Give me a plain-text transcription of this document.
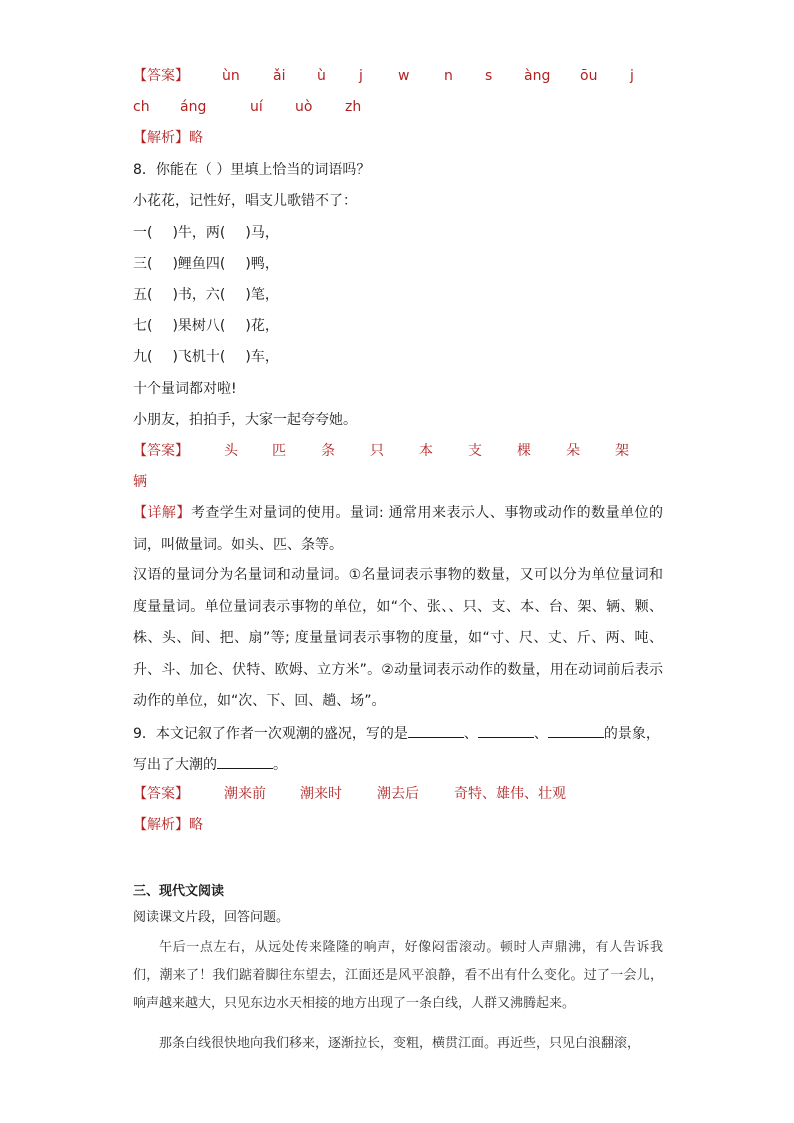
【答案】 ùn ǎi ù j	w n s àng ōu j
ch áng	uí uò zh
【解析】略
8．你能在（ ）里填上恰当的词语吗？
小花花，记性好，唱支儿歌错不了：
一( )牛，两( )马，
三( )鲤鱼四( )鸭，
五( )书，六( )笔，
七( )果树八( )花，
九( )飞机十( )车，
十个量词都对啦!
小朋友，拍拍手，大家一起夸夸她。
【答案】	头 匹	条	只	本	支	棵	朵	架
辆
【详解】考查学生对量词的使用。量词: 通常用来表示人、事物或动作的数量单位的词，叫做量词。如头、匹、条等。
汉语的量词分为名量词和动量词。①名量词表示事物的数量，又可以分为单位量词和度量量词。单位量词表示事物的单位，如“个、张、、只、支、本、台、架、辆、颗、株、头、间、把、扇”等; 度量量词表示事物的度量，如“寸、尺、丈、斤、两、吨、升、斗、加仑、伏特、欧姆、立方米”。②动量词表示动作的数量，用在动词前后表示动作的单位，如“次、下、回、趟、场”。
9．本文记叙了作者一次观潮的盛况，写的是	、	、	的景象，
写出了大潮的	。
【答案】	潮来前 潮来时	潮去后	奇特、雄伟、壮观
【解析】略
三、现代文阅读
阅读课文片段，回答问题。
午后一点左右，从远处传来隆隆的响声，好像闷雷滚动。顿时人声鼎沸，有人告诉我们，潮来了！我们踮着脚往东望去，江面还是风平浪静，看不出有什么变化。过了一会儿，响声越来越大，只见东边水天相接的地方出现了一条白线，人群又沸腾起来。
那条白线很快地向我们移来，逐渐拉长，变粗，横贯江面。再近些，只见白浪翻滚，
